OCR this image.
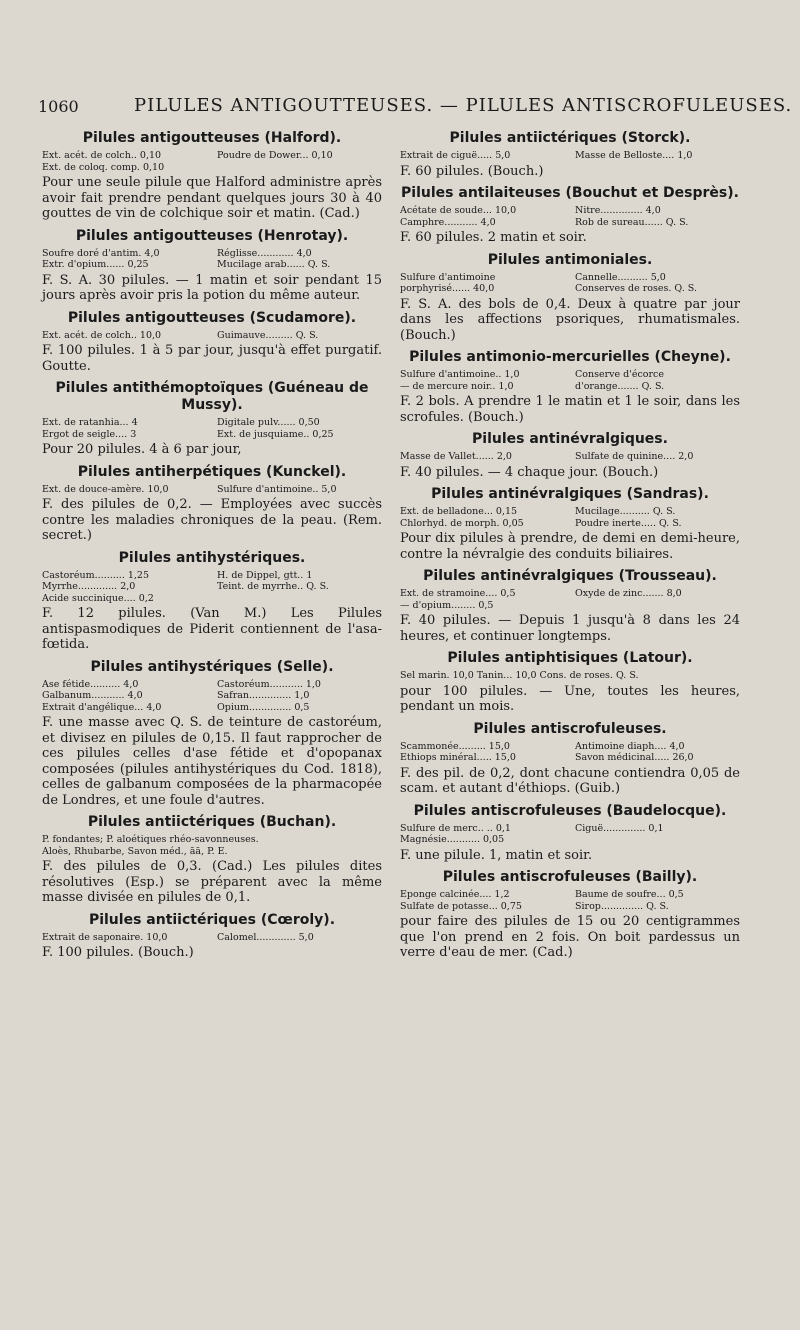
1060	PILULES ANTIGOUTTEUSES. — PILULES ANTISCROFULEUSES.
Pilules antigoutteuses (Halford).
Ext. acét. de colch.. 0,10	Poudre de Dower... 0,10
Ext. de coloq. comp. 0,10

Pour une seule pilule que Halford administre après avoir fait prendre pendant quelques jours 30 à 40 gouttes de vin de colchique soir et matin. (Cad.)

Pilules antigoutteuses (Henrotay).
Soufre doré d'antim. 4,0	Réglisse............ 4,0
Extr. d'opium...... 0,25	Mucilage arab...... Q. S.

F. S. A. 30 pilules. — 1 matin et soir pendant 15 jours après avoir pris la potion du même auteur.

Pilules antigoutteuses (Scudamore).
Ext. acét. de colch.. 10,0	Guimauve......... Q. S.

F. 100 pilules. 1 à 5 par jour, jusqu'à effet purgatif. Goutte.

Pilules antithémoptoïques (Guéneau de Mussy).
Ext. de ratanhia... 4	Digitale pulv...... 0,50
Ergot de seigle.... 3	Ext. de jusquiame.. 0,25

Pour 20 pilules. 4 à 6 par jour,

Pilules antiherpétiques (Kunckel).
Ext. de douce-amère. 10,0	Sulfure d'antimoine.. 5,0

F. des pilules de 0,2. — Employées avec succès contre les maladies chroniques de la peau. (Rem. secret.)

Pilules antihystériques.
Castoréum.......... 1,25	H. de Dippel, gtt.. 1
Myrrhe............. 2,0	Teint. de myrrhe.. Q. S.
Acide succinique.... 0,2

F. 12 pilules. (Van M.) Les Pilules antispasmodiques de Piderit contiennent de l'asa-fœtida.

Pilules antihystériques (Selle).
Ase fétide.......... 4,0	Castoréum........... 1,0
Galbanum........... 4,0	Safran.............. 1,0
Extrait d'angélique... 4,0	Opium.............. 0,5

F. une masse avec Q. S. de teinture de castoréum, et divisez en pilules de 0,15. Il faut rapprocher de ces pilules celles d'ase fétide et d'opopanax composées (pilules antihystériques du Cod. 1818), celles de galbanum composées de la pharmacopée de Londres, et une foule d'autres.

Pilules antiictériques (Buchan).
P. fondantes; P. aloétiques rhéo-savonneuses.
Aloès, Rhubarbe, Savon méd., āā, P. E.

F. des pilules de 0,3. (Cad.) Les pilules dites résolutives (Esp.) se préparent avec la même masse divisée en pilules de 0,1.

Pilules antiictériques (Cœroly).
Extrait de saponaire. 10,0	Calomel............. 5,0

F. 100 pilules. (Bouch.)

Pilules antiictériques (Storck).
Extrait de ciguë..... 5,0	Masse de Belloste.... 1,0

F. 60 pilules. (Bouch.)

Pilules antilaiteuses (Bouchut et Desprès).
Acétate de soude... 10,0	Nitre.............. 4,0
Camphre........... 4,0	Rob de sureau...... Q. S.

F. 60 pilules. 2 matin et soir.

Pilules antimoniales.
Sulfure d'antimoine	Cannelle.......... 5,0
porphyrisé...... 40,0	Conserves de roses. Q. S.

F. S. A. des bols de 0,4. Deux à quatre par jour dans les affections psoriques, rhumatismales. (Bouch.)

Pilules antimonio-mercurielles (Cheyne).
Sulfure d'antimoine.. 1,0	Conserve d'écorce
— de mercure noir.. 1,0	d'orange....... Q. S.

F. 2 bols. A prendre 1 le matin et 1 le soir, dans les scrofules. (Bouch.)

Pilules antinévralgiques.
Masse de Vallet...... 2,0	Sulfate de quinine.... 2,0

F. 40 pilules. — 4 chaque jour. (Bouch.)

Pilules antinévralgiques (Sandras).
Ext. de belladone... 0,15	Mucilage.......... Q. S.
Chlorhyd. de morph. 0,05	Poudre inerte..... Q. S.

Pour dix pilules à prendre, de demi en demi-heure, contre la névralgie des conduits biliaires.

Pilules antinévralgiques (Trousseau).
Ext. de stramoine.... 0,5	Oxyde de zinc....... 8,0
— d'opium........ 0,5

F. 40 pilules. — Depuis 1 jusqu'à 8 dans les 24 heures, et continuer longtemps.

Pilules antiphtisiques (Latour).
Sel marin. 10,0 Tanin... 10,0 Cons. de roses. Q. S.

pour 100 pilules. — Une, toutes les heures, pendant un mois.

Pilules antiscrofuleuses.
Scammonée......... 15,0	Antimoine diaph.... 4,0
Ethiops minéral..... 15,0	Savon médicinal..... 26,0

F. des pil. de 0,2, dont chacune contiendra 0,05 de scam. et autant d'éthiops. (Guib.)

Pilules antiscrofuleuses (Baudelocque).
Sulfure de merc.. .. 0,1	Ciguë.............. 0,1
Magnésie........... 0,05

F. une pilule. 1, matin et soir.

Pilules antiscrofuleuses (Bailly).
Eponge calcinée.... 1,2	Baume de soufre... 0,5
Sulfate de potasse... 0,75	Sirop.............. Q. S.

pour faire des pilules de 15 ou 20 centigrammes que l'on prend en 2 fois. On boit pardessus un verre d'eau de mer. (Cad.)
